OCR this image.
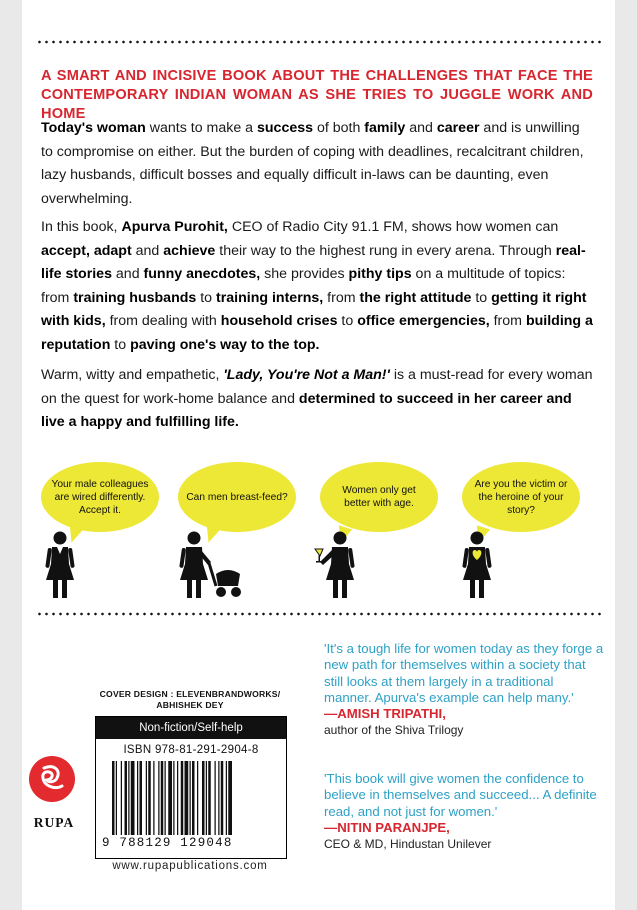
A SMART AND INCISIVE BOOK ABOUT THE CHALLENGES THAT FACE THE
CONTEMPORARY INDIAN WOMAN AS SHE TRIES TO JUGGLE WORK AND HOME

Today's woman wants to make a success of both family and career and is unwilling to compromise on either. But the burden of coping with deadlines, recalcitrant children, lazy husbands, difficult bosses and equally difficult in-laws can be daunting, even overwhelming.

In this book, Apurva Purohit, CEO of Radio City 91.1 FM, shows how women can accept, adapt and achieve their way to the highest rung in every arena. Through real-life stories and funny anecdotes, she provides pithy tips on a multitude of topics: from training husbands to training interns, from the right attitude to getting it right with kids, from dealing with household crises to office emergencies, from building a reputation to paving one's way to the top.

Warm, witty and empathetic, 'Lady, You're Not a Man!' is a must-read for every woman on the quest for work-home balance and determined to succeed in her career and live a happy and fulfilling life.

Your male colleagues are wired differently. Accept it.
Can men breast-feed?
Women only get better with age.
Are you the victim or the heroine of your story?
'It's a tough life for women today as they forge a new path for themselves within a society that still looks at them largely in a traditional manner. Apurva's example can help many.'
—AMISH TRIPATHI,
author of the Shiva Trilogy
'This book will give women the confidence to believe in themselves and succeed... A definite read, and not just for women.'
—NITIN PARANJPE,
CEO & MD, Hindustan Unilever
COVER DESIGN : ELEVENBRANDWORKS/
ABHISHEK DEY
Non-fiction/Self-help
ISBN 978-81-291-2904-8
9 788129 129048
www.rupapublications.com
RUPA
